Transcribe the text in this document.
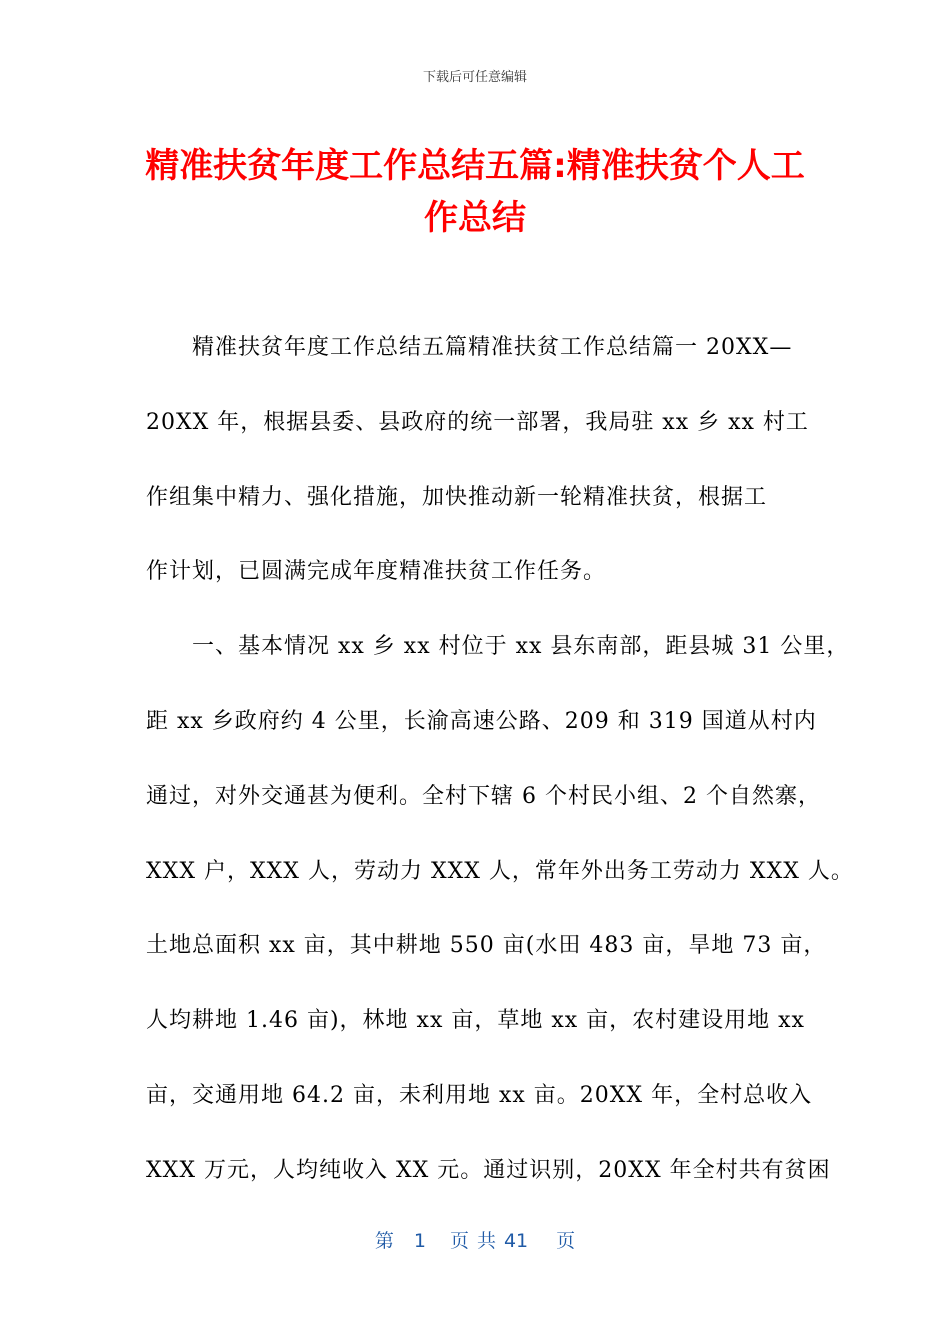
下载后可任意编辑
精准扶贫年度工作总结五篇:精准扶贫个人工
作总结
精准扶贫年度工作总结五篇精准扶贫工作总结篇一 20XX—
20XX 年，根据县委、县政府的统一部署，我局驻 xx 乡 xx 村工
作组集中精力、强化措施，加快推动新一轮精准扶贫，根据工
作计划，已圆满完成年度精准扶贫工作任务。
一、基本情况 xx 乡 xx 村位于 xx 县东南部，距县城 31 公里，
距 xx 乡政府约 4 公里，长渝高速公路、209 和 319 国道从村内
通过，对外交通甚为便利。全村下辖 6 个村民小组、2 个自然寨，
XXX 户，XXX 人，劳动力 XXX 人，常年外出务工劳动力 XXX 人。
土地总面积 xx 亩，其中耕地 550 亩(水田 483 亩，旱地 73 亩，
人均耕地 1.46 亩)，林地 xx 亩，草地 xx 亩，农村建设用地 xx
亩，交通用地 64.2 亩，未利用地 xx 亩。20XX 年，全村总收入
XXX 万元，人均纯收入 XX 元。通过识别，20XX 年全村共有贫困
第 1 页 共 41 页
